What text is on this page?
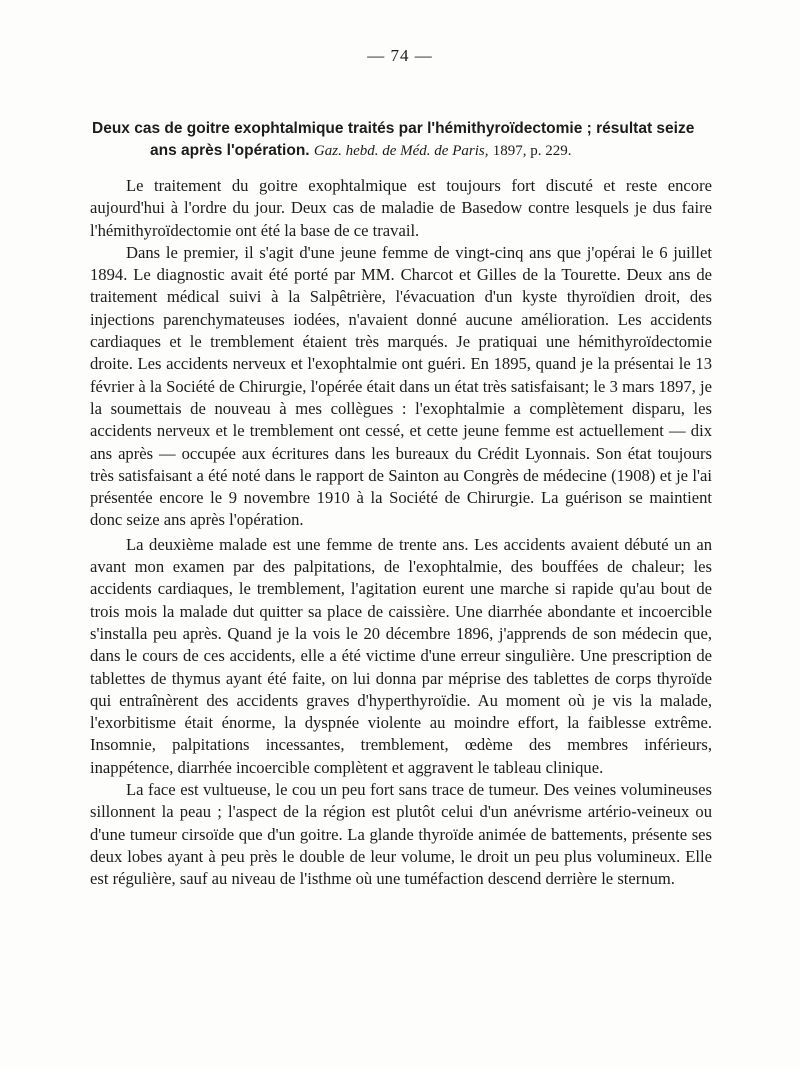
— 74 —
Deux cas de goitre exophtalmique traités par l'hémithyroïdectomie ; résultat seize
ans après l'opération. Gaz. hebd. de Méd. de Paris, 1897, p. 229.

Le traitement du goitre exophtalmique est toujours fort discuté et reste encore aujourd'hui à l'ordre du jour. Deux cas de maladie de Basedow contre lesquels je dus faire l'hémithyroïdectomie ont été la base de ce travail.

Dans le premier, il s'agit d'une jeune femme de vingt-cinq ans que j'opérai le 6 juillet 1894. Le diagnostic avait été porté par MM. Charcot et Gilles de la Tourette. Deux ans de traitement médical suivi à la Salpêtrière, l'évacuation d'un kyste thyroïdien droit, des injections parenchymateuses iodées, n'avaient donné aucune amélioration. Les accidents cardiaques et le tremblement étaient très marqués. Je pratiquai une hémithyroïdectomie droite. Les accidents nerveux et l'exophtalmie ont guéri. En 1895, quand je la présentai le 13 février à la Société de Chirurgie, l'opérée était dans un état très satisfaisant; le 3 mars 1897, je la soumettais de nouveau à mes collègues : l'exophtalmie a complètement disparu, les accidents nerveux et le tremblement ont cessé, et cette jeune femme est actuellement — dix ans après — occupée aux écritures dans les bureaux du Crédit Lyonnais. Son état toujours très satisfaisant a été noté dans le rapport de Sainton au Congrès de médecine (1908) et je l'ai présentée encore le 9 novembre 1910 à la Société de Chirurgie. La guérison se maintient donc seize ans après l'opération.

La deuxième malade est une femme de trente ans. Les accidents avaient débuté un an avant mon examen par des palpitations, de l'exophtalmie, des bouffées de chaleur; les accidents cardiaques, le tremblement, l'agitation eurent une marche si rapide qu'au bout de trois mois la malade dut quitter sa place de caissière. Une diarrhée abondante et incoercible s'installa peu après. Quand je la vois le 20 décembre 1896, j'apprends de son médecin que, dans le cours de ces accidents, elle a été victime d'une erreur singulière. Une prescription de tablettes de thymus ayant été faite, on lui donna par méprise des tablettes de corps thyroïde qui entraînèrent des accidents graves d'hyperthyroïdie. Au moment où je vis la malade, l'exorbitisme était énorme, la dyspnée violente au moindre effort, la faiblesse extrême. Insomnie, palpitations incessantes, tremblement, œdème des membres inférieurs, inappétence, diarrhée incoercible complètent et aggravent le tableau clinique.

La face est vultueuse, le cou un peu fort sans trace de tumeur. Des veines volumineuses sillonnent la peau ; l'aspect de la région est plutôt celui d'un anévrisme artério-veineux ou d'une tumeur cirsoïde que d'un goitre. La glande thyroïde animée de battements, présente ses deux lobes ayant à peu près le double de leur volume, le droit un peu plus volumineux. Elle est régulière, sauf au niveau de l'isthme où une tuméfaction descend derrière le sternum.
